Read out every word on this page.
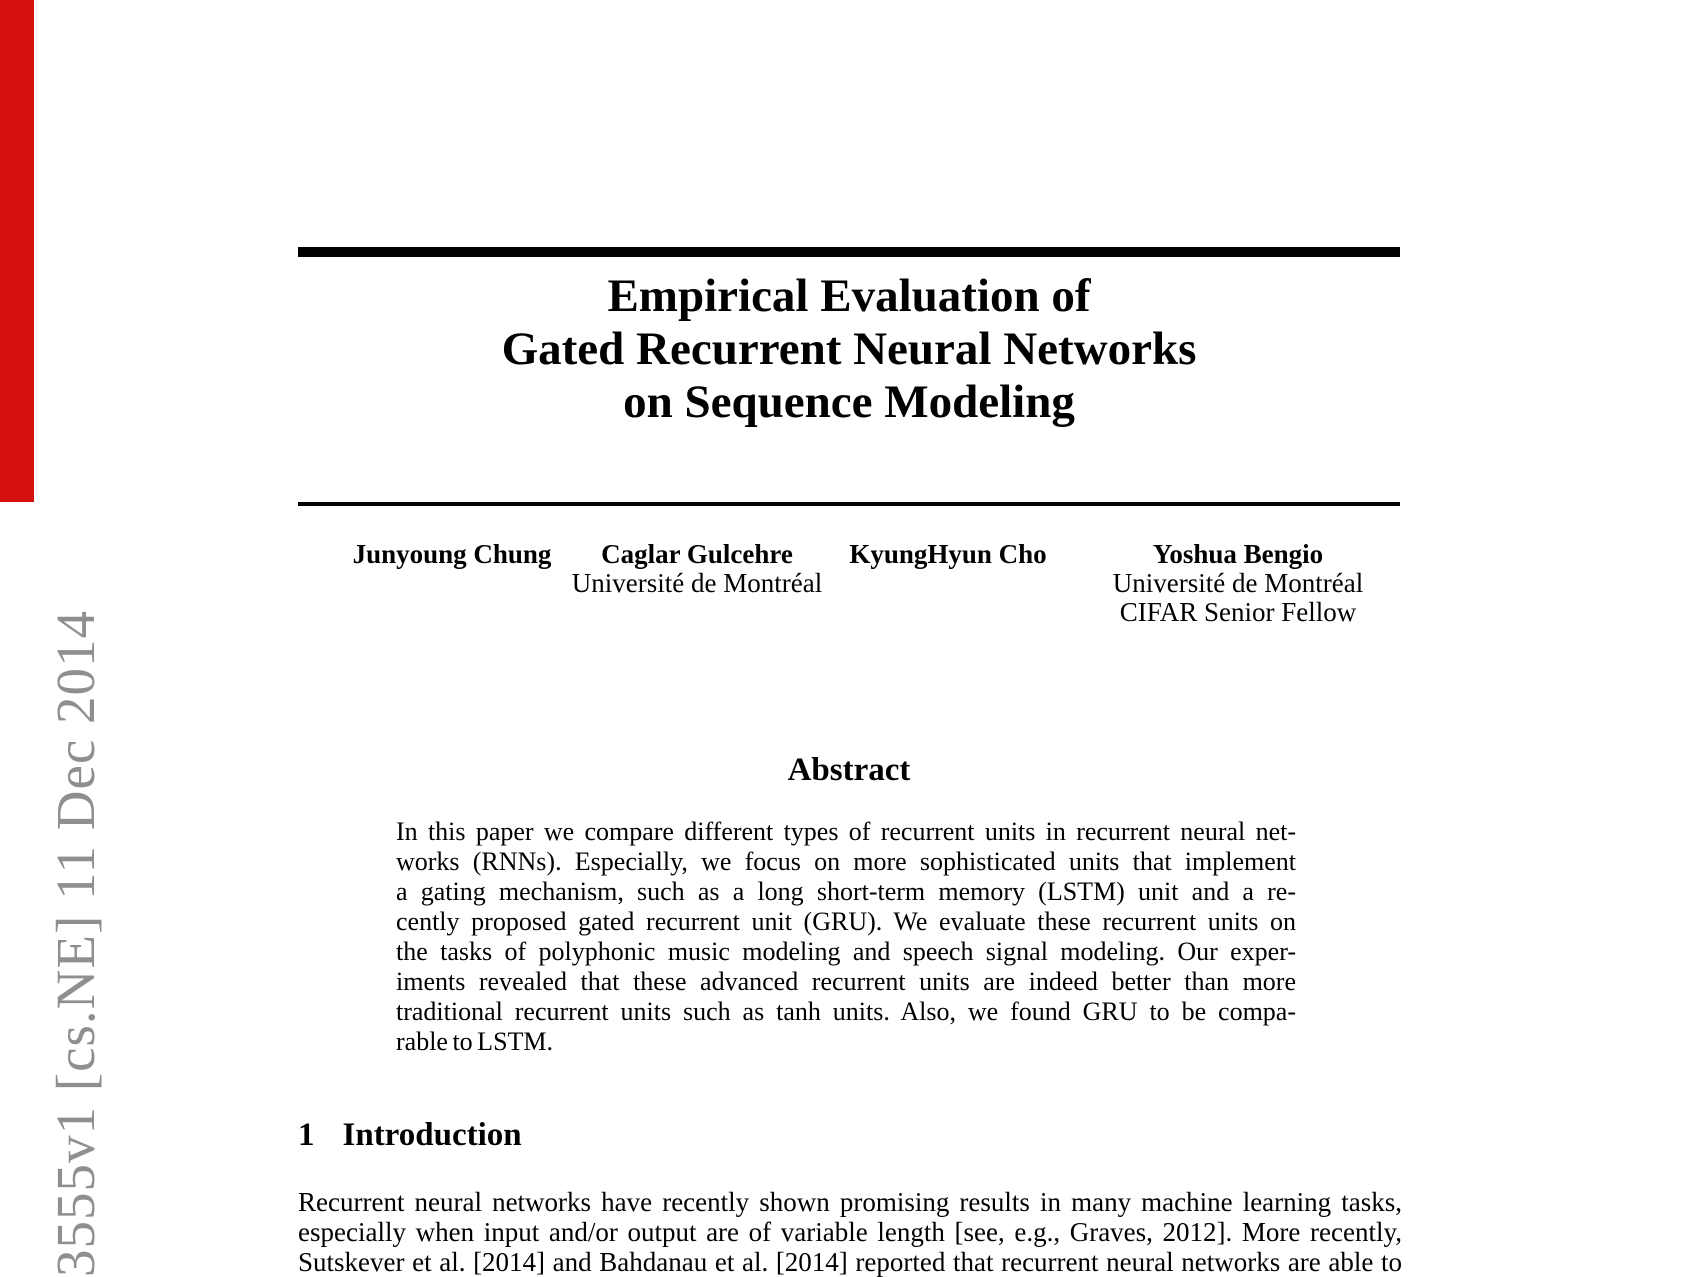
3555v1 [cs.NE] 11 Dec 2014
Empirical Evaluation of
Gated Recurrent Neural Networks
on Sequence Modeling
Junyoung Chung	Caglar Gulcehre
Université de Montréal
KyungHyun Cho	Yoshua Bengio
Université de Montréal
CIFAR Senior Fellow
Abstract
In this paper we compare different types of recurrent units in recurrent neural net-
works (RNNs). Especially, we focus on more sophisticated units that implement
a gating mechanism, such as a long short-term memory (LSTM) unit and a re-
cently proposed gated recurrent unit (GRU). We evaluate these recurrent units on
the tasks of polyphonic music modeling and speech signal modeling. Our exper-
iments revealed that these advanced recurrent units are indeed better than more
traditional recurrent units such as tanh units. Also, we found GRU to be compa-
rable to LSTM.
1 Introduction
Recurrent neural networks have recently shown promising results in many machine learning tasks,
especially when input and/or output are of variable length [see, e.g., Graves, 2012]. More recently,
Sutskever et al. [2014] and Bahdanau et al. [2014] reported that recurrent neural networks are able to
